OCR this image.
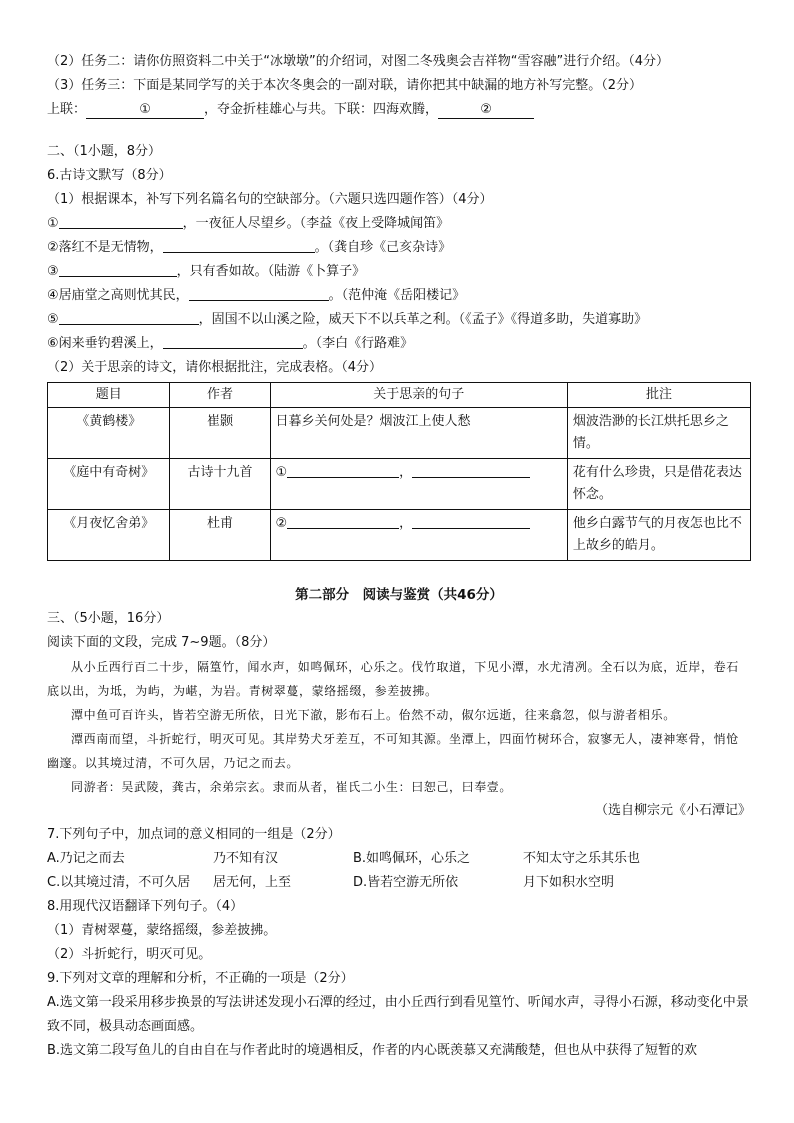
（2）任务二：请你仿照资料二中关于“冰墩墩”的介绍词，对图二冬残奥会吉祥物“雪容融”进行介绍。（4分）
（3）任务三：下面是某同学写的关于本次冬奥会的一副对联，请你把其中缺漏的地方补写完整。（2分）
上联：	①	，夺金折桂雄心与共。下联：四海欢腾，	②
二、（1小题，8分）
6.古诗文默写（8分）
（1）根据课本，补写下列名篇名句的空缺部分。（六题只选四题作答）（4分）
①	，一夜征人尽望乡。（李益《夜上受降城闻笛》
②落红不是无情物，	。（龚自珍《己亥杂诗》
③	，只有香如故。（陆游《卜算子》
④居庙堂之高则忧其民，	。（范仲淹《岳阳楼记》
⑤	，固国不以山溪之险，威天下不以兵革之利。（《孟子》《得道多助，失道寡助》
⑥闲来垂钓碧溪上，	。（李白《行路难》
（2）关于思亲的诗文，请你根据批注，完成表格。（4分）
题目	作者	关于思亲的句子	批注
《黄鹤楼》	崔颢	日暮乡关何处是？烟波江上使人愁	烟波浩渺的长江烘托思乡之情。
《庭中有奇树》	古诗十九首	① ，	花有什么珍贵，只是借花表达怀念。
《月夜忆舍弟》	杜甫	② ，	他乡白露节气的月夜怎也比不上故乡的皓月。
第二部分　阅读与鉴赏（共46分）
三、（5小题，16分）
阅读下面的文段，完成 7~9题。（8分）
从小丘西行百二十步，隔篁竹，闻水声，如鸣佩环，心乐之。伐竹取道，下见小潭，水尤清冽。全石以为底，近岸，卷石底以出，为坻，为屿，为嵁，为岩。青树翠蔓，蒙络摇缀，参差披拂。
潭中鱼可百许头，皆若空游无所依，日光下澈，影布石上。佁然不动，俶尔远逝，往来翕忽，似与游者相乐。
潭西南而望，斗折蛇行，明灭可见。其岸势犬牙差互，不可知其源。坐潭上，四面竹树环合，寂寥无人，凄神寒骨，悄怆幽邃。以其境过清，不可久居，乃记之而去。
同游者：吴武陵，龚古，余弟宗玄。隶而从者，崔氏二小生：曰恕己，曰奉壹。
（选自柳宗元《小石潭记》
7.下列句子中，加点词的意义相同的一组是（2分）
A.乃记之而去	乃不知有汉	B.如鸣佩环，心乐之	不知太守之乐其乐也
C.以其境过清，不可久居 居无何，上至	D.皆若空游无所依	月下如积水空明
8.用现代汉语翻译下列句子。（4）
（1）青树翠蔓，蒙络摇缀，参差披拂。
（2）斗折蛇行，明灭可见。
9.下列对文章的理解和分析，不正确的一项是（2分）
A.选文第一段采用移步换景的写法讲述发现小石潭的经过，由小丘西行到看见篁竹、听闻水声，寻得小石源，移动变化中景致不同，极具动态画面感。
B.选文第二段写鱼儿的自由自在与作者此时的境遇相反，作者的内心既羡慕又充满酸楚，但也从中获得了短暂的欢
